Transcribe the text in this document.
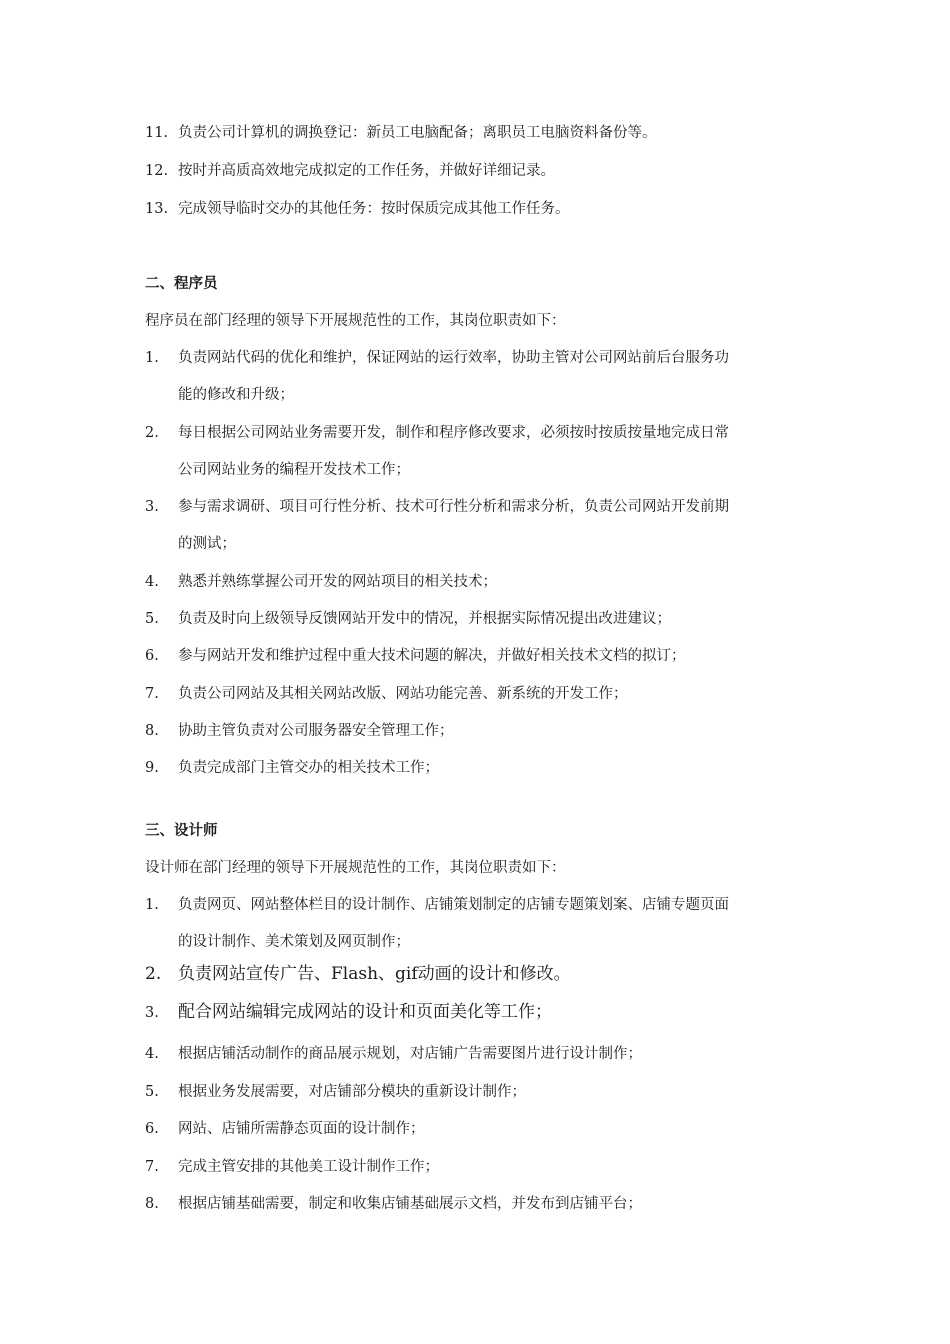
11. 负责公司计算机的调换登记：新员工电脑配备；离职员工电脑资料备份等。
12. 按时并高质高效地完成拟定的工作任务，并做好详细记录。
13. 完成领导临时交办的其他任务：按时保质完成其他工作任务。
二、程序员
程序员在部门经理的领导下开展规范性的工作，其岗位职责如下：
1. 负责网站代码的优化和维护，保证网站的运行效率，协助主管对公司网站前后台服务功
能的修改和升级；
2. 每日根据公司网站业务需要开发，制作和程序修改要求，必须按时按质按量地完成日常
公司网站业务的编程开发技术工作；
3. 参与需求调研、项目可行性分析、技术可行性分析和需求分析，负责公司网站开发前期
的测试；
4. 熟悉并熟练掌握公司开发的网站项目的相关技术；
5. 负责及时向上级领导反馈网站开发中的情况，并根据实际情况提出改进建议；
6. 参与网站开发和维护过程中重大技术问题的解决，并做好相关技术文档的拟订；
7. 负责公司网站及其相关网站改版、网站功能完善、新系统的开发工作；
8. 协助主管负责对公司服务器安全管理工作；
9. 负责完成部门主管交办的相关技术工作；
三、设计师
设计师在部门经理的领导下开展规范性的工作，其岗位职责如下：
1. 负责网页、网站整体栏目的设计制作、店铺策划制定的店铺专题策划案、店铺专题页面
的设计制作、美术策划及网页制作；
2. 负责网站宣传广告、Flash、gif动画的设计和修改。
3. 配合网站编辑完成网站的设计和页面美化等工作；
4. 根据店铺活动制作的商品展示规划，对店铺广告需要图片进行设计制作；
5. 根据业务发展需要，对店铺部分模块的重新设计制作；
6. 网站、店铺所需静态页面的设计制作；
7. 完成主管安排的其他美工设计制作工作；
8. 根据店铺基础需要，制定和收集店铺基础展示文档，并发布到店铺平台；
